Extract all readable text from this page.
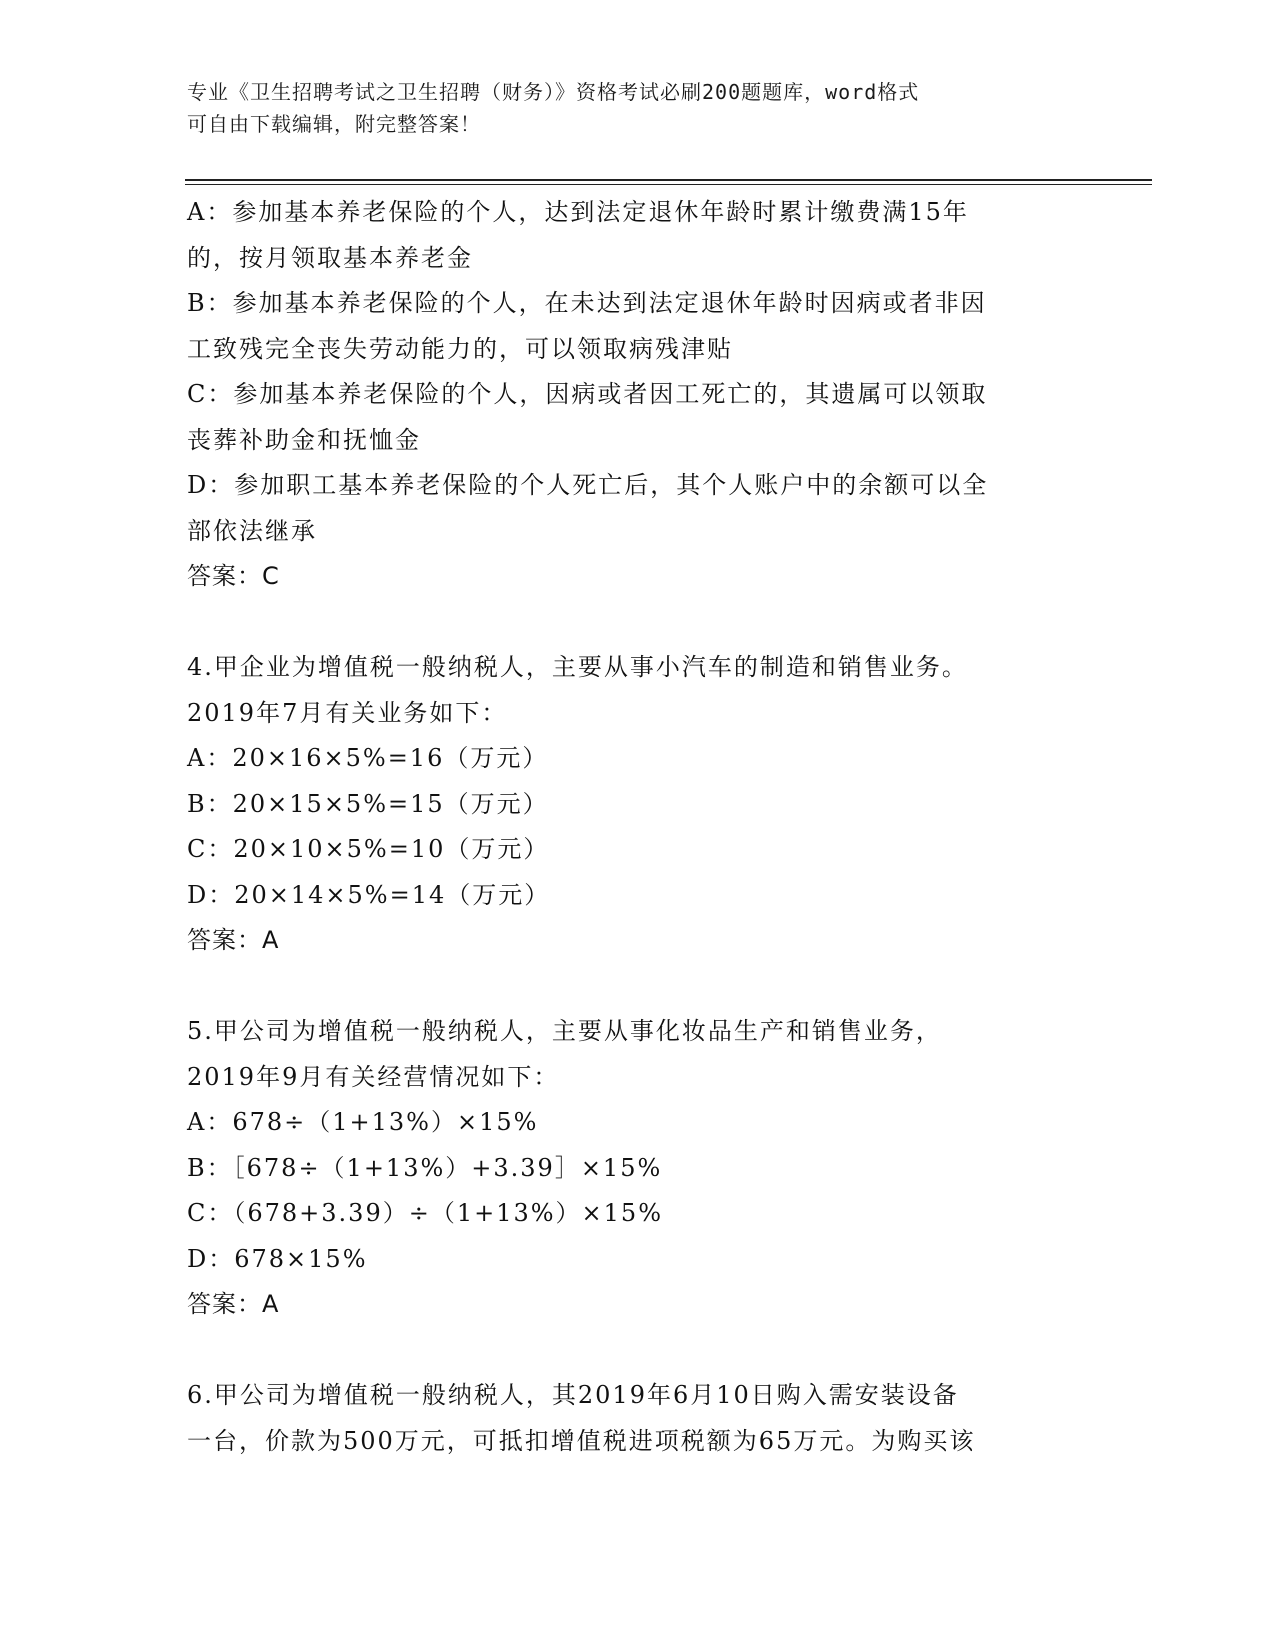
专业《卫生招聘考试之卫生招聘（财务）》资格考试必刷200题题库，word格式
可自由下载编辑，附完整答案！
A：参加基本养老保险的个人，达到法定退休年龄时累计缴费满15年
的，按月领取基本养老金
B：参加基本养老保险的个人，在未达到法定退休年龄时因病或者非因
工致残完全丧失劳动能力的，可以领取病残津贴
C：参加基本养老保险的个人，因病或者因工死亡的，其遗属可以领取
丧葬补助金和抚恤金
D：参加职工基本养老保险的个人死亡后，其个人账户中的余额可以全
部依法继承
答案：C
4.甲企业为增值税一般纳税人，主要从事小汽车的制造和销售业务。
2019年7月有关业务如下：
A：20×16×5%=16（万元）
B：20×15×5%=15（万元）
C：20×10×5%=10（万元）
D：20×14×5%=14（万元）
答案：A
5.甲公司为增值税一般纳税人，主要从事化妆品生产和销售业务，
2019年9月有关经营情况如下：
A：678÷（1+13%）×15%
B：［678÷（1+13%）+3.39］×15%
C：（678+3.39）÷（1+13%）×15%
D：678×15%
答案：A
6.甲公司为增值税一般纳税人，其2019年6月10日购入需安装设备
一台，价款为500万元，可抵扣增值税进项税额为65万元。为购买该
